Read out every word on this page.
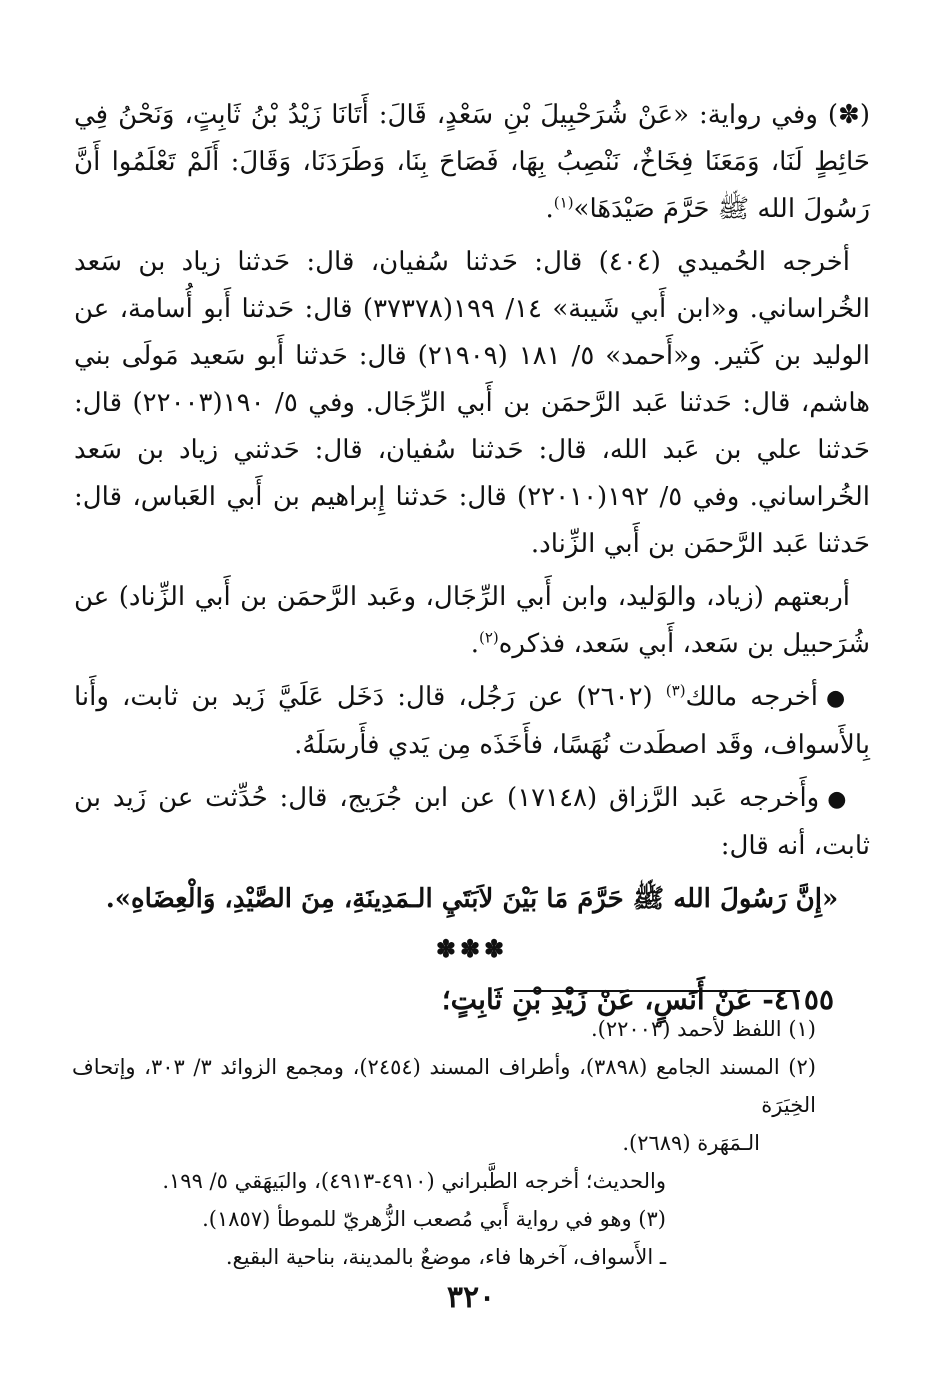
(✽) وفي رواية: «عَنْ شُرَحْبِيلَ بْنِ سَعْدٍ، قَالَ: أَتَانَا زَيْدُ بْنُ ثَابِتٍ، وَنَحْنُ فِي حَائِطٍ لَنَا، وَمَعَنَا فِخَاخٌ، نَنْصِبُ بِهَا، فَصَاحَ بِنَا، وَطَرَدَنَا، وَقَالَ: أَلَمْ تَعْلَمُوا أَنَّ رَسُولَ الله ﷺ حَرَّمَ صَيْدَهَا»$^{(١)}$.

أخرجه الحُميدي (٤٠٤) قال: حَدثنا سُفيان، قال: حَدثنا زياد بن سَعد الخُراساني. و«ابن أَبي شَيبة» ١٤/ ١٩٩(٣٧٣٧٨) قال: حَدثنا أَبو أُسامة، عن الوليد بن كَثير. و«أَحمد» ٥/ ١٨١ (٢١٩٠٩) قال: حَدثنا أَبو سَعيد مَولَى بني هاشم، قال: حَدثنا عَبد الرَّحمَن بن أَبي الرِّجَال. وفي ٥/ ١٩٠(٢٢٠٠٣) قال: حَدثنا علي بن عَبد الله، قال: حَدثنا سُفيان، قال: حَدثني زياد بن سَعد الخُراساني. وفي ٥/ ١٩٢(٢٢٠١٠) قال: حَدثنا إِبراهيم بن أَبي العَباس، قال: حَدثنا عَبد الرَّحمَن بن أَبي الزِّناد.

أربعتهم (زياد، والوَليد، وابن أَبي الرِّجَال، وعَبد الرَّحمَن بن أَبي الزِّناد) عن شُرَحبيل بن سَعد، أَبي سَعد، فذكره$^{(٢)}$.

●أخرجه مالك$^{(٣)}$ (٢٦٠٢) عن رَجُل، قال: دَخَل عَلَيَّ زَيد بن ثابت، وأَنا بِالأَسواف، وقَد اصطَدت نُهَسًا، فأَخَذَه مِن يَدي فأَرسَلَهُ.

●وأَخرجه عَبد الرَّزاق (١٧١٤٨) عن ابن جُرَيج، قال: حُدِّثت عن زَيد بن ثابت، أنه قال:

«إِنَّ رَسُولَ الله ﷺ حَرَّمَ مَا بَيْنَ لاَبَتَيِ الـمَدِينَةِ، مِنَ الصَّيْدِ، وَالْعِضَاهِ».

✽✽✽

٤١٥٥- عَنْ أَنَسٍ، عَنْ زَيْدِ بْنِ ثَابِتٍ؛

(١) اللفظ لأحمد (٢٢٠٠٣).

(٢) المسند الجامع (٣٨٩٨)، وأطراف المسند (٢٤٥٤)، ومجمع الزوائد ٣/ ٣٠٣، وإتحاف الخِيَرَة

الـمَهَرة (٢٦٨٩).

والحديث؛ أخرجه الطَّبراني (٤٩١٠-٤٩١٣)، والبَيهَقي ٥/ ١٩٩.

(٣) وهو في رواية أَبي مُصعب الزُّهريّ للموطأ (١٨٥٧).

ـ الأَسواف، آخرها فاء، موضعٌ بالمدينة، بناحية البقيع.

٣٢٠
